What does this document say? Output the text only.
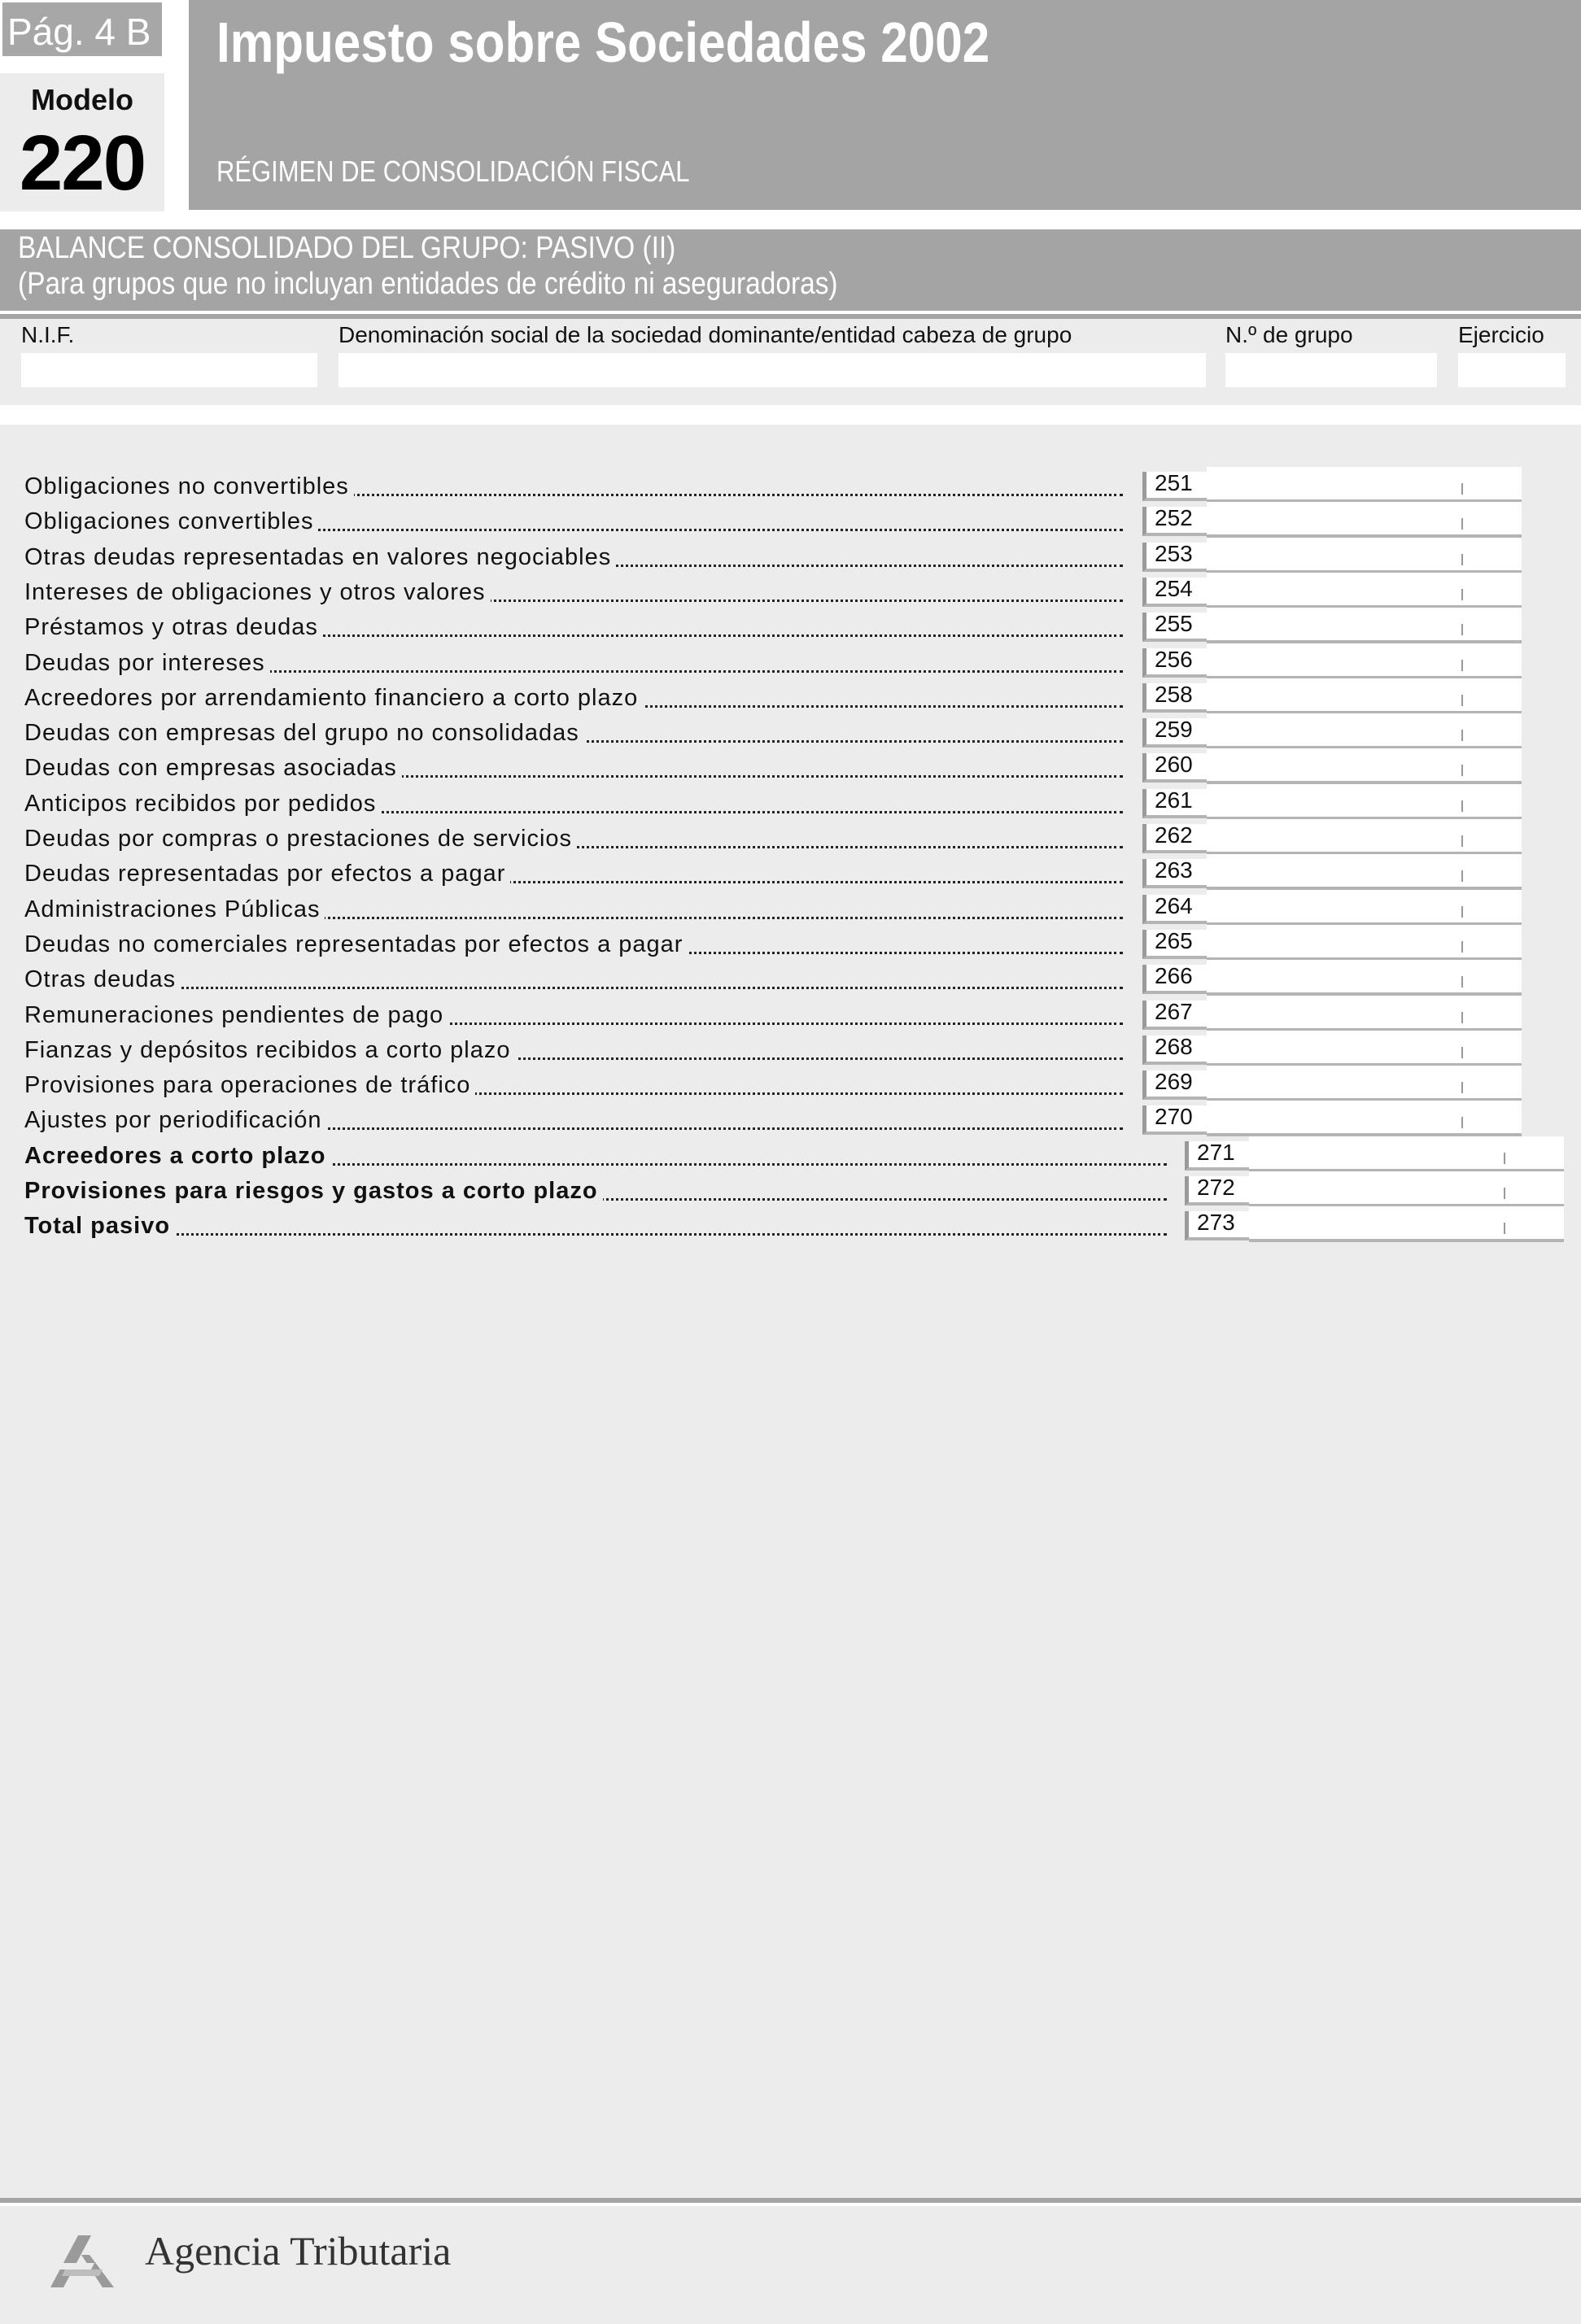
Pág. 4 B
Modelo
220
Impuesto sobre Sociedades 2002
RÉGIMEN DE CONSOLIDACIÓN FISCAL
BALANCE CONSOLIDADO DEL GRUPO: PASIVO (II)
(Para grupos que no incluyan entidades de crédito ni aseguradoras)
N.I.F.	Denominación social de la sociedad dominante/entidad cabeza de grupo	N.º de grupo	Ejercicio
Obligaciones no convertibles	251
Obligaciones convertibles	252
Otras deudas representadas en valores negociables	253
Intereses de obligaciones y otros valores	254
Préstamos y otras deudas	255
Deudas por intereses	256
Acreedores por arrendamiento financiero a corto plazo	258
Deudas con empresas del grupo no consolidadas	259
Deudas con empresas asociadas	260
Anticipos recibidos por pedidos	261
Deudas por compras o prestaciones de servicios	262
Deudas representadas por efectos a pagar	263
Administraciones Públicas	264
Deudas no comerciales representadas por efectos a pagar	265
Otras deudas	266
Remuneraciones pendientes de pago	267
Fianzas y depósitos recibidos a corto plazo	268
Provisiones para operaciones de tráfico	269
Ajustes por periodificación	270
Acreedores a corto plazo	271
Provisiones para riesgos y gastos a corto plazo	272
Total pasivo	273
Agencia Tributaria
